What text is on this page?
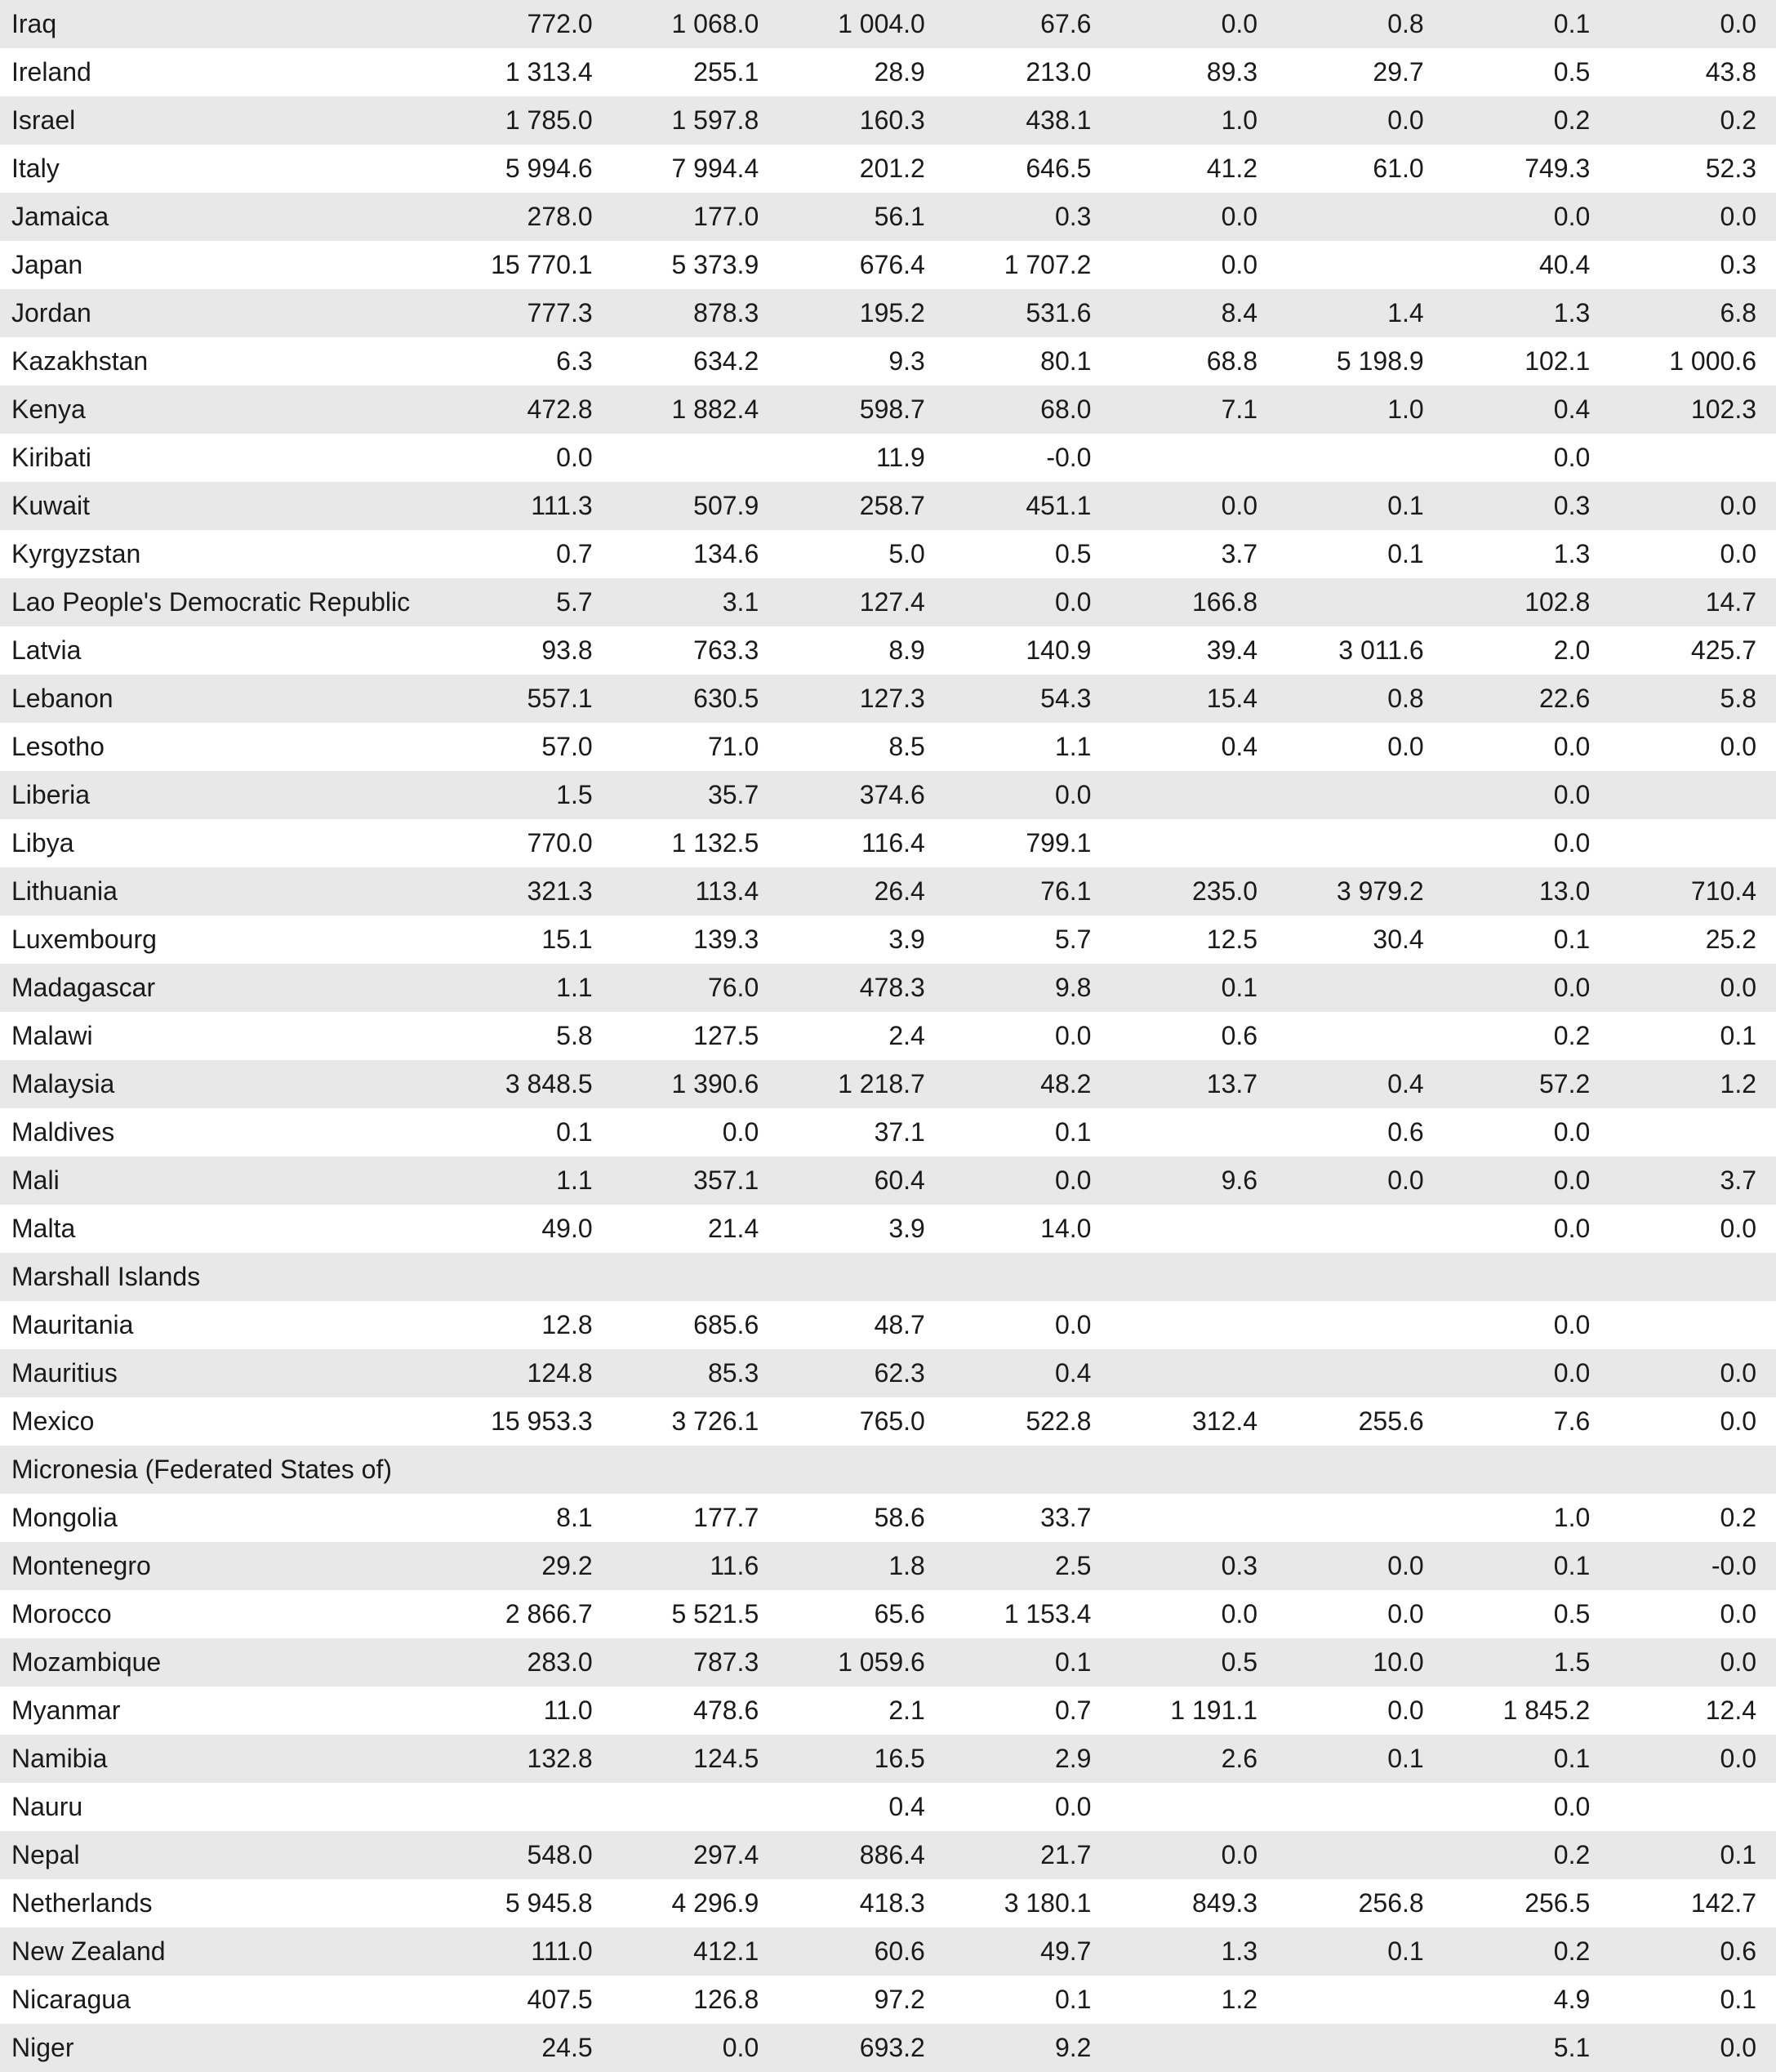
Iraq	772.0	1 068.0	1 004.0	67.6	0.0	0.8	0.1	0.0
Ireland	1 313.4	255.1	28.9	213.0	89.3	29.7	0.5	43.8
Israel	1 785.0	1 597.8	160.3	438.1	1.0	0.0	0.2	0.2
Italy	5 994.6	7 994.4	201.2	646.5	41.2	61.0	749.3	52.3
Jamaica	278.0	177.0	56.1	0.3	0.0		0.0	0.0
Japan	15 770.1	5 373.9	676.4	1 707.2	0.0		40.4	0.3
Jordan	777.3	878.3	195.2	531.6	8.4	1.4	1.3	6.8
Kazakhstan	6.3	634.2	9.3	80.1	68.8	5 198.9	102.1	1 000.6
Kenya	472.8	1 882.4	598.7	68.0	7.1	1.0	0.4	102.3
Kiribati	0.0		11.9	-0.0			0.0	
Kuwait	111.3	507.9	258.7	451.1	0.0	0.1	0.3	0.0
Kyrgyzstan	0.7	134.6	5.0	0.5	3.7	0.1	1.3	0.0
Lao People's Democratic Republic	5.7	3.1	127.4	0.0	166.8		102.8	14.7
Latvia	93.8	763.3	8.9	140.9	39.4	3 011.6	2.0	425.7
Lebanon	557.1	630.5	127.3	54.3	15.4	0.8	22.6	5.8
Lesotho	57.0	71.0	8.5	1.1	0.4	0.0	0.0	0.0
Liberia	1.5	35.7	374.6	0.0			0.0	
Libya	770.0	1 132.5	116.4	799.1			0.0	
Lithuania	321.3	113.4	26.4	76.1	235.0	3 979.2	13.0	710.4
Luxembourg	15.1	139.3	3.9	5.7	12.5	30.4	0.1	25.2
Madagascar	1.1	76.0	478.3	9.8	0.1		0.0	0.0
Malawi	5.8	127.5	2.4	0.0	0.6		0.2	0.1
Malaysia	3 848.5	1 390.6	1 218.7	48.2	13.7	0.4	57.2	1.2
Maldives	0.1	0.0	37.1	0.1		0.6	0.0	
Mali	1.1	357.1	60.4	0.0	9.6	0.0	0.0	3.7
Malta	49.0	21.4	3.9	14.0			0.0	0.0
Marshall Islands								
Mauritania	12.8	685.6	48.7	0.0			0.0	
Mauritius	124.8	85.3	62.3	0.4			0.0	0.0
Mexico	15 953.3	3 726.1	765.0	522.8	312.4	255.6	7.6	0.0
Micronesia (Federated States of)								
Mongolia	8.1	177.7	58.6	33.7			1.0	0.2
Montenegro	29.2	11.6	1.8	2.5	0.3	0.0	0.1	-0.0
Morocco	2 866.7	5 521.5	65.6	1 153.4	0.0	0.0	0.5	0.0
Mozambique	283.0	787.3	1 059.6	0.1	0.5	10.0	1.5	0.0
Myanmar	11.0	478.6	2.1	0.7	1 191.1	0.0	1 845.2	12.4
Namibia	132.8	124.5	16.5	2.9	2.6	0.1	0.1	0.0
Nauru			0.4	0.0			0.0	
Nepal	548.0	297.4	886.4	21.7	0.0		0.2	0.1
Netherlands	5 945.8	4 296.9	418.3	3 180.1	849.3	256.8	256.5	142.7
New Zealand	111.0	412.1	60.6	49.7	1.3	0.1	0.2	0.6
Nicaragua	407.5	126.8	97.2	0.1	1.2		4.9	0.1
Niger	24.5	0.0	693.2	9.2			5.1	0.0
